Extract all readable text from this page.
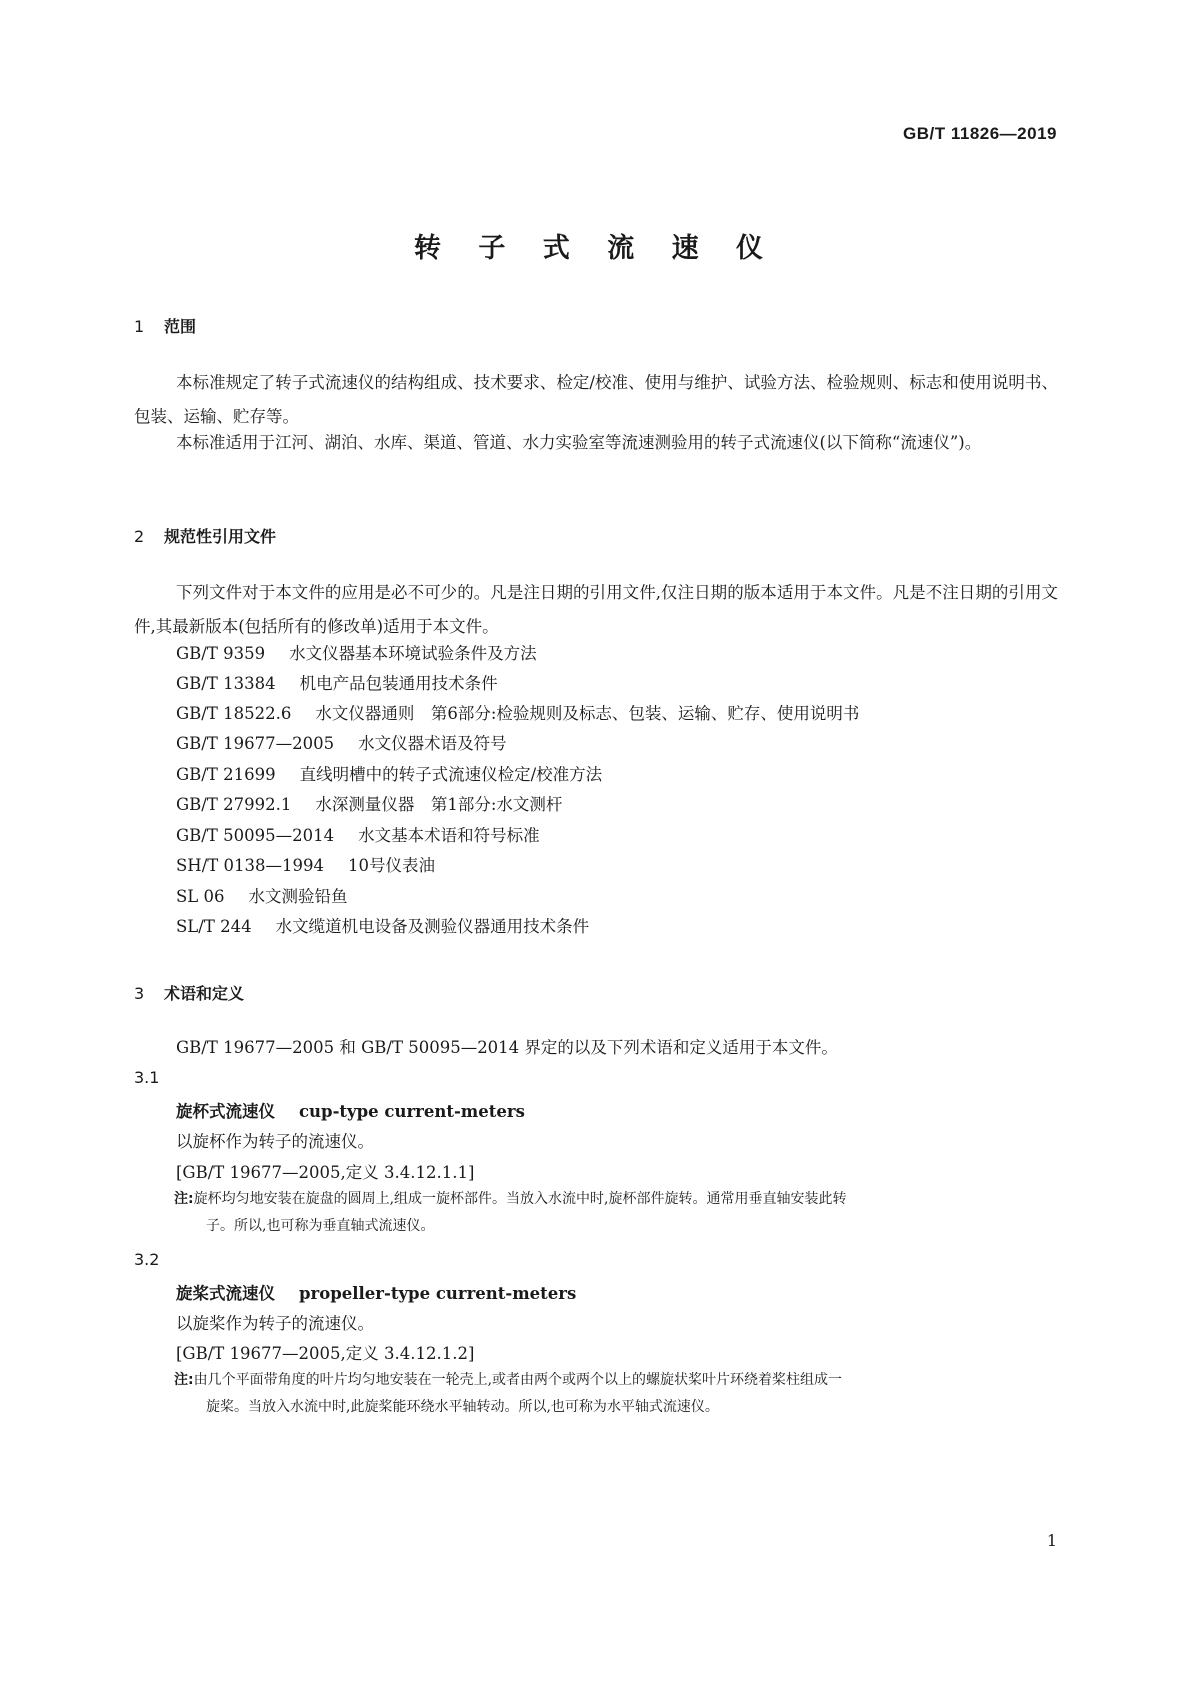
GB/T 11826—2019
转 子 式 流 速 仪
1 范围
本标准规定了转子式流速仪的结构组成、技术要求、检定/校准、使用与维护、试验方法、检验规则、标志和使用说明书、包装、运输、贮存等。
本标准适用于江河、湖泊、水库、渠道、管道、水力实验室等流速测验用的转子式流速仪(以下简称“流速仪”)。
2 规范性引用文件
下列文件对于本文件的应用是必不可少的。凡是注日期的引用文件,仅注日期的版本适用于本文件。凡是不注日期的引用文件,其最新版本(包括所有的修改单)适用于本文件。
GB/T 9359 水文仪器基本环境试验条件及方法
GB/T 13384 机电产品包装通用技术条件
GB/T 18522.6 水文仪器通则　第6部分:检验规则及标志、包装、运输、贮存、使用说明书
GB/T 19677—2005 水文仪器术语及符号
GB/T 21699 直线明槽中的转子式流速仪检定/校准方法
GB/T 27992.1 水深测量仪器　第1部分:水文测杆
GB/T 50095—2014 水文基本术语和符号标准
SH/T 0138—1994 10号仪表油
SL 06 水文测验铅鱼
SL/T 244 水文缆道机电设备及测验仪器通用技术条件
3 术语和定义
GB/T 19677—2005 和 GB/T 50095—2014 界定的以及下列术语和定义适用于本文件。
3.1
旋杯式流速仪 cup-type current-meters
以旋杯作为转子的流速仪。
[GB/T 19677—2005,定义 3.4.12.1.1]
注:旋杯均匀地安装在旋盘的圆周上,组成一旋杯部件。当放入水流中时,旋杯部件旋转。通常用垂直轴安装此转
子。所以,也可称为垂直轴式流速仪。
3.2
旋桨式流速仪 propeller-type current-meters
以旋桨作为转子的流速仪。
[GB/T 19677—2005,定义 3.4.12.1.2]
注:由几个平面带角度的叶片均匀地安装在一轮壳上,或者由两个或两个以上的螺旋状桨叶片环绕着桨柱组成一
旋桨。当放入水流中时,此旋桨能环绕水平轴转动。所以,也可称为水平轴式流速仪。
1
